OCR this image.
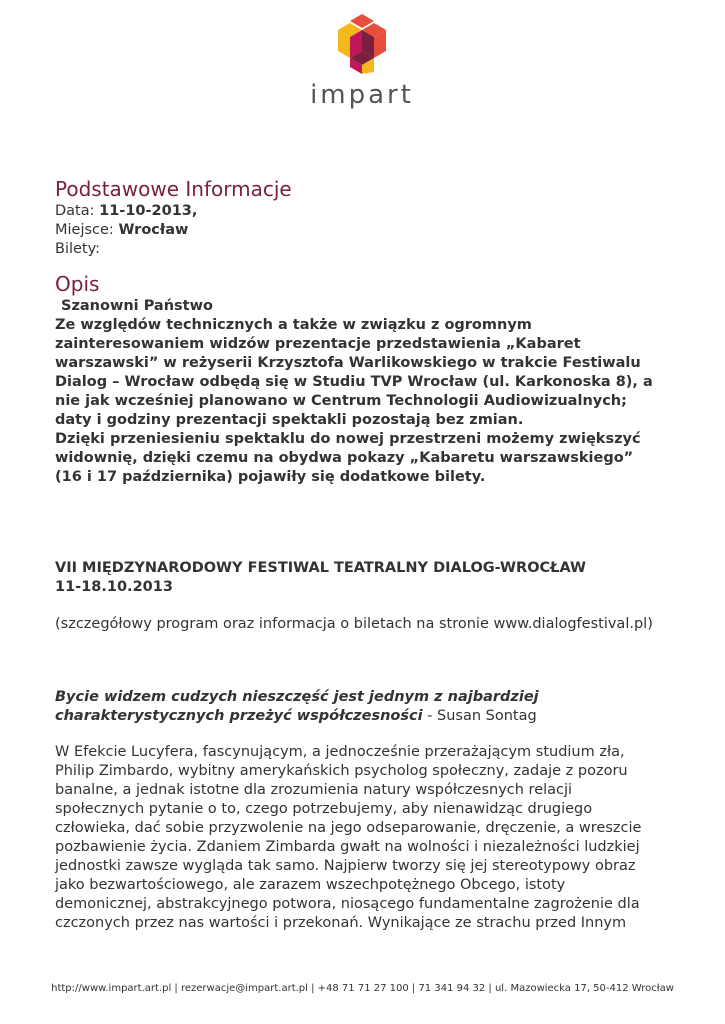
impart
Podstawowe Informacje
Data: 11-10-2013,
Miejsce: Wrocław
Bilety:
Opis
Szanowni Państwo
Ze względów technicznych a także w związku z ogromnym
zainteresowaniem widzów prezentacje przedstawienia „Kabaret
warszawski” w reżyserii Krzysztofa Warlikowskiego w trakcie Festiwalu
Dialog – Wrocław odbędą się w Studiu TVP Wrocław (ul. Karkonoska 8), a
nie jak wcześniej planowano w Centrum Technologii Audiowizualnych;
daty i godziny prezentacji spektakli pozostają bez zmian.
Dzięki przeniesieniu spektaklu do nowej przestrzeni możemy zwiększyć
widownię, dzięki czemu na obydwa pokazy „Kabaretu warszawskiego”
(16 i 17 października) pojawiły się dodatkowe bilety.
VII MIĘDZYNARODOWY FESTIWAL TEATRALNY DIALOG-WROCŁAW
11-18.10.2013
(szczegółowy program oraz informacja o biletach na stronie www.dialogfestival.pl)
Bycie widzem cudzych nieszczęść jest jednym z najbardziej
charakterystycznych przeżyć współczesności - Susan Sontag
W Efekcie Lucyfera, fascynującym, a jednocześnie przerażającym studium zła,
Philip Zimbardo, wybitny amerykańskich psycholog społeczny, zadaje z pozoru
banalne, a jednak istotne dla zrozumienia natury współczesnych relacji
społecznych pytanie o to, czego potrzebujemy, aby nienawidząc drugiego
człowieka, dać sobie przyzwolenie na jego odseparowanie, dręczenie, a wreszcie
pozbawienie życia. Zdaniem Zimbarda gwałt na wolności i niezależności ludzkiej
jednostki zawsze wygląda tak samo. Najpierw tworzy się jej stereotypowy obraz
jako bezwartościowego, ale zarazem wszechpotężnego Obcego, istoty
demonicznej, abstrakcyjnego potwora, niosącego fundamentalne zagrożenie dla
czczonych przez nas wartości i przekonań. Wynikające ze strachu przed Innym
http://www.impart.art.pl | rezerwacje@impart.art.pl | +48 71 71 27 100 | 71 341 94 32 | ul. Mazowiecka 17, 50-412 Wrocław
